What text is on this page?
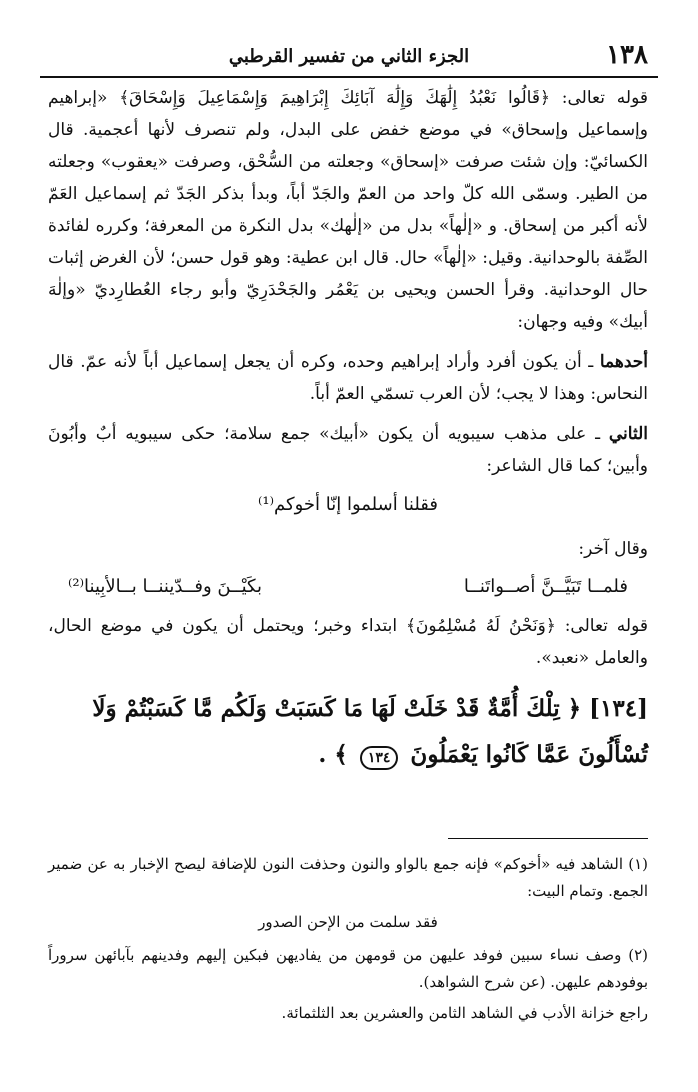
١٣٨
الجزء الثاني من تفسير القرطبي

قوله تعالى: ﴿قَالُوا نَعْبُدُ إِلَٰهَكَ وَإِلَٰهَ آبَائِكَ إِبْرَاهِيمَ وَإِسْمَاعِيلَ وَإِسْحَاقَ﴾ «إبراهيم وإسماعيل وإسحاق» في موضع خفض على البدل، ولم تنصرف لأنها أعجمية. قال الكسائيّ: وإن شئت صرفت «إسحاق» وجعلته من السُّحْق، وصرفت «يعقوب» وجعلته من الطير. وسمّى الله كلّ واحد من العمّ والجَدّ أباً، وبدأ بذكر الجَدّ ثم إسماعيل العَمّ لأنه أكبر من إسحاق. و «إلٰهاً» بدل من «إلٰهك» بدل النكرة من المعرفة؛ وكرره لفائدة الصِّفة بالوحدانية. وقيل: «إلٰهاً» حال. قال ابن عطية: وهو قول حسن؛ لأن الغرض إثبات حال الوحدانية. وقرأ الحسن ويحيى بن يَعْمُر والجَحْدَرِيّ وأبو رجاء العُطارِديّ «وإلٰهَ أبيك» وفيه وجهان:

أحدهما ـ أن يكون أفرد وأراد إبراهيم وحده، وكره أن يجعل إسماعيل أباً لأنه عمّ. قال النحاس: وهذا لا يجب؛ لأن العرب تسمّي العمّ أباً.

الثاني ـ على مذهب سيبويه أن يكون «أبيك» جمع سلامة؛ حكى سيبويه أبٌ وأبُونَ وأبين؛ كما قال الشاعر:

فقلنا أسلموا إنّا أخوكم⁽¹⁾
وقال آخر:
فلمــا تَبَيَّــنَّ أصــواتَنــا
بكَيْــنَ وفــدّيننــا بــالأبِينا⁽²⁾

قوله تعالى: ﴿وَنَحْنُ لَهُ مُسْلِمُونَ﴾ ابتداء وخبر؛ ويحتمل أن يكون في موضع الحال، والعامل «نعبد».

[١٣٤] ﴿ تِلْكَ أُمَّةٌ قَدْ خَلَتْ لَهَا مَا كَسَبَتْ وَلَكُم مَّا كَسَبْتُمْ وَلَا تُسْأَلُونَ عَمَّا كَانُوا يَعْمَلُونَ ١٣٤ ﴾ .
(١) الشاهد فيه «أخوكم» فإنه جمع بالواو والنون وحذفت النون للإضافة ليصح الإخبار به عن ضمير الجمع. وتمام البيت:
فقد سلمت من الإحن الصدور
(٢) وصف نساء سبين فوفد عليهن من قومهن من يفاديهن فبكين إليهم وفدينهم بآبائهن سروراً بوفودهم عليهن. (عن شرح الشواهد).
راجع خزانة الأدب في الشاهد الثامن والعشرين بعد الثلثمائة.
